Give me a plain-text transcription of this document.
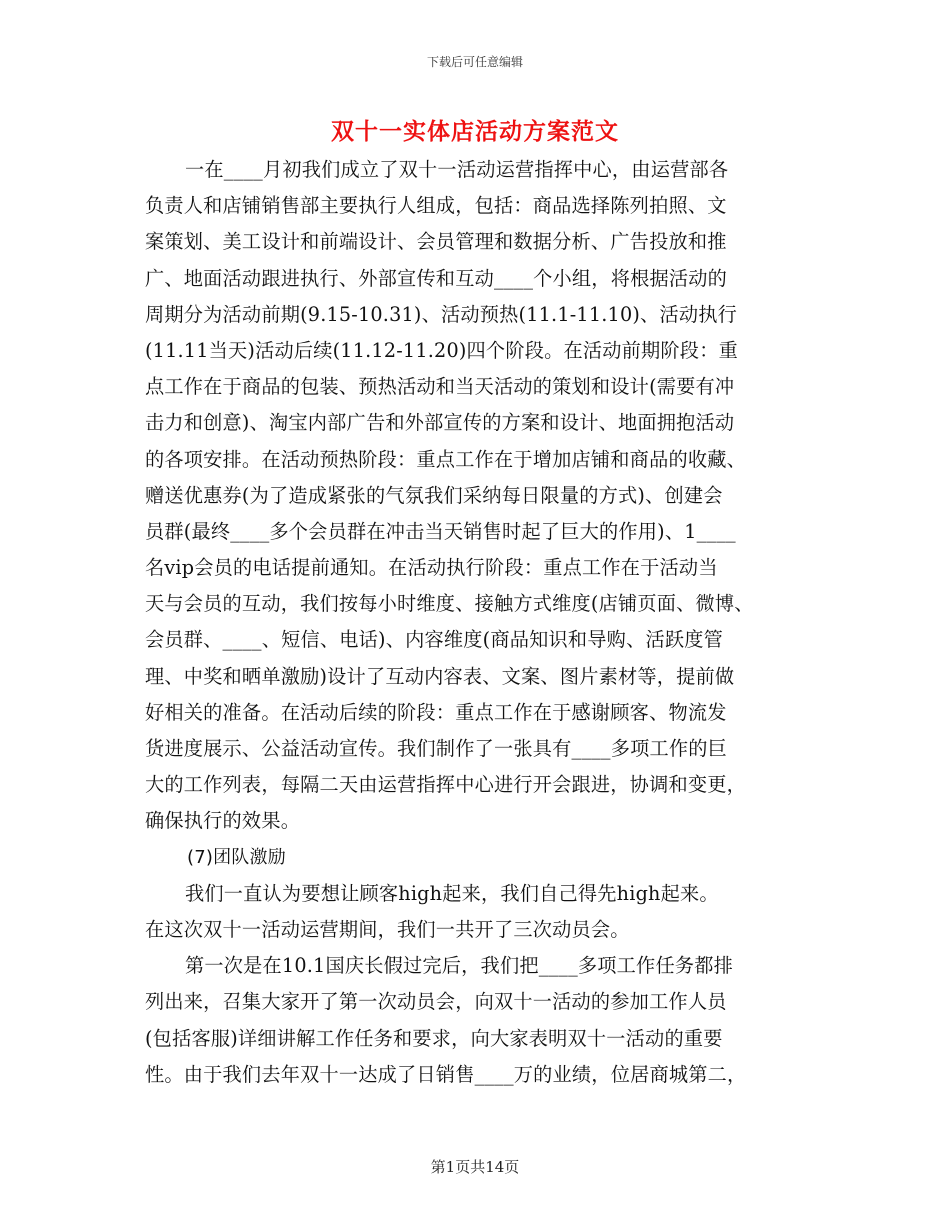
下载后可任意编辑
双十一实体店活动方案范文
一在____月初我们成立了双十一活动运营指挥中心，由运营部各
负责人和店铺销售部主要执行人组成，包括：商品选择陈列拍照、文
案策划、美工设计和前端设计、会员管理和数据分析、广告投放和推
广、地面活动跟进执行、外部宣传和互动____个小组，将根据活动的
周期分为活动前期(9.15-10.31)、活动预热(11.1-11.10)、活动执行
(11.11当天)活动后续(11.12-11.20)四个阶段。在活动前期阶段：重
点工作在于商品的包装、预热活动和当天活动的策划和设计(需要有冲
击力和创意)、淘宝内部广告和外部宣传的方案和设计、地面拥抱活动
的各项安排。在活动预热阶段：重点工作在于增加店铺和商品的收藏、
赠送优惠券(为了造成紧张的气氛我们采纳每日限量的方式)、创建会
员群(最终____多个会员群在冲击当天销售时起了巨大的作用)、1____
名vip会员的电话提前通知。在活动执行阶段：重点工作在于活动当
天与会员的互动，我们按每小时维度、接触方式维度(店铺页面、微博、
会员群、____、短信、电话)、内容维度(商品知识和导购、活跃度管
理、中奖和晒单激励)设计了互动内容表、文案、图片素材等，提前做
好相关的准备。在活动后续的阶段：重点工作在于感谢顾客、物流发
货进度展示、公益活动宣传。我们制作了一张具有____多项工作的巨
大的工作列表，每隔二天由运营指挥中心进行开会跟进，协调和变更，
确保执行的效果。
(7)团队激励
我们一直认为要想让顾客high起来，我们自己得先high起来。
在这次双十一活动运营期间，我们一共开了三次动员会。
第一次是在10.1国庆长假过完后，我们把____多项工作任务都排
列出来，召集大家开了第一次动员会，向双十一活动的参加工作人员
(包括客服)详细讲解工作任务和要求，向大家表明双十一活动的重要
性。由于我们去年双十一达成了日销售____万的业绩，位居商城第二，
第1页共14页
